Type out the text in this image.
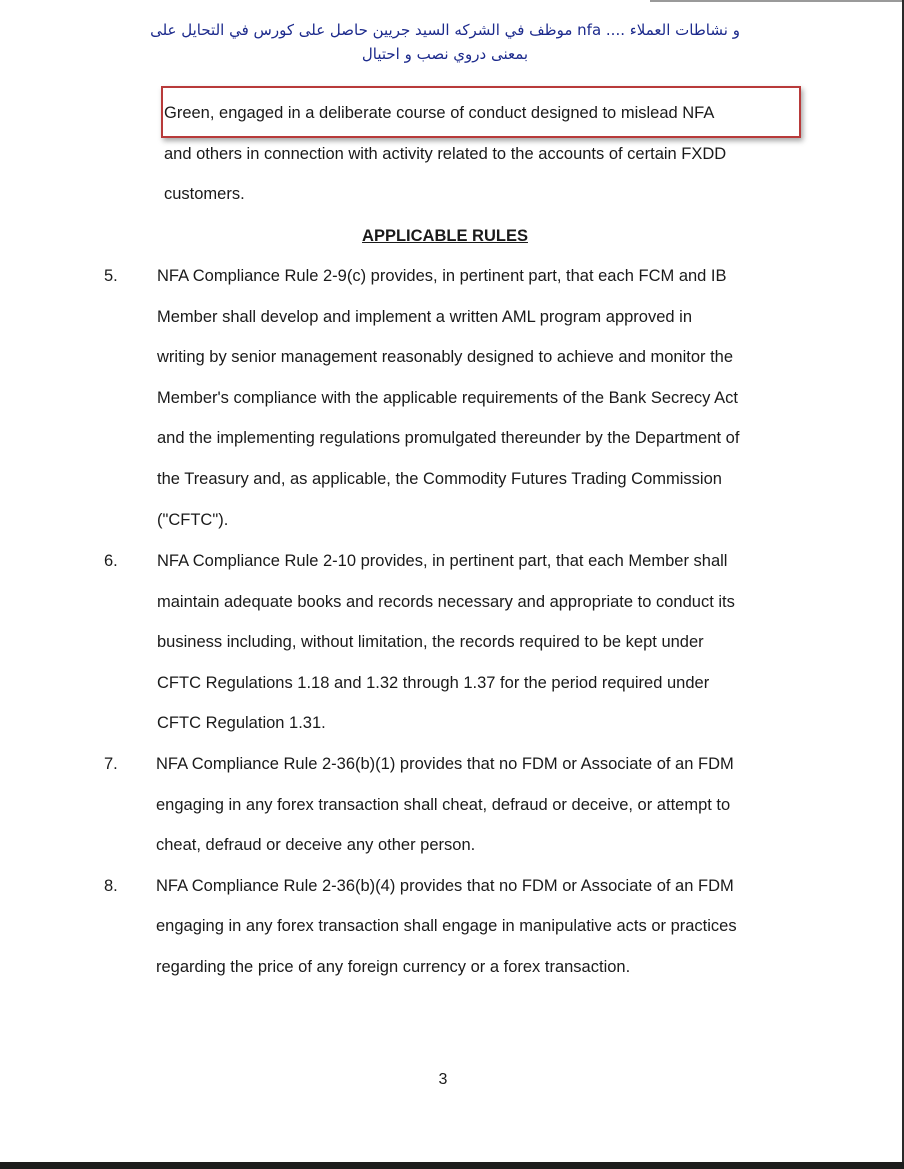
و نشاطات العملاء .... nfa موظف في الشركه السيد جريين حاصل على كورس في التحايل على
بمعنى دروي نصب و احتيال
Green, engaged in a deliberate course of conduct designed to mislead NFA
and others in connection with activity related to the accounts of certain FXDD
customers.
APPLICABLE RULES
5. NFA Compliance Rule 2-9(c) provides, in pertinent part, that each FCM and IB
Member shall develop and implement a written AML program approved in
writing by senior management reasonably designed to achieve and monitor the
Member's compliance with the applicable requirements of the Bank Secrecy Act
and the implementing regulations promulgated thereunder by the Department of
the Treasury and, as applicable, the Commodity Futures Trading Commission
("CFTC").
6. NFA Compliance Rule 2-10 provides, in pertinent part, that each Member shall
maintain adequate books and records necessary and appropriate to conduct its
business including, without limitation, the records required to be kept under
CFTC Regulations 1.18 and 1.32 through 1.37 for the period required under
CFTC Regulation 1.31.
7. NFA Compliance Rule 2-36(b)(1) provides that no FDM or Associate of an FDM
engaging in any forex transaction shall cheat, defraud or deceive, or attempt to
cheat, defraud or deceive any other person.
8. NFA Compliance Rule 2-36(b)(4) provides that no FDM or Associate of an FDM
engaging in any forex transaction shall engage in manipulative acts or practices
regarding the price of any foreign currency or a forex transaction.
3
